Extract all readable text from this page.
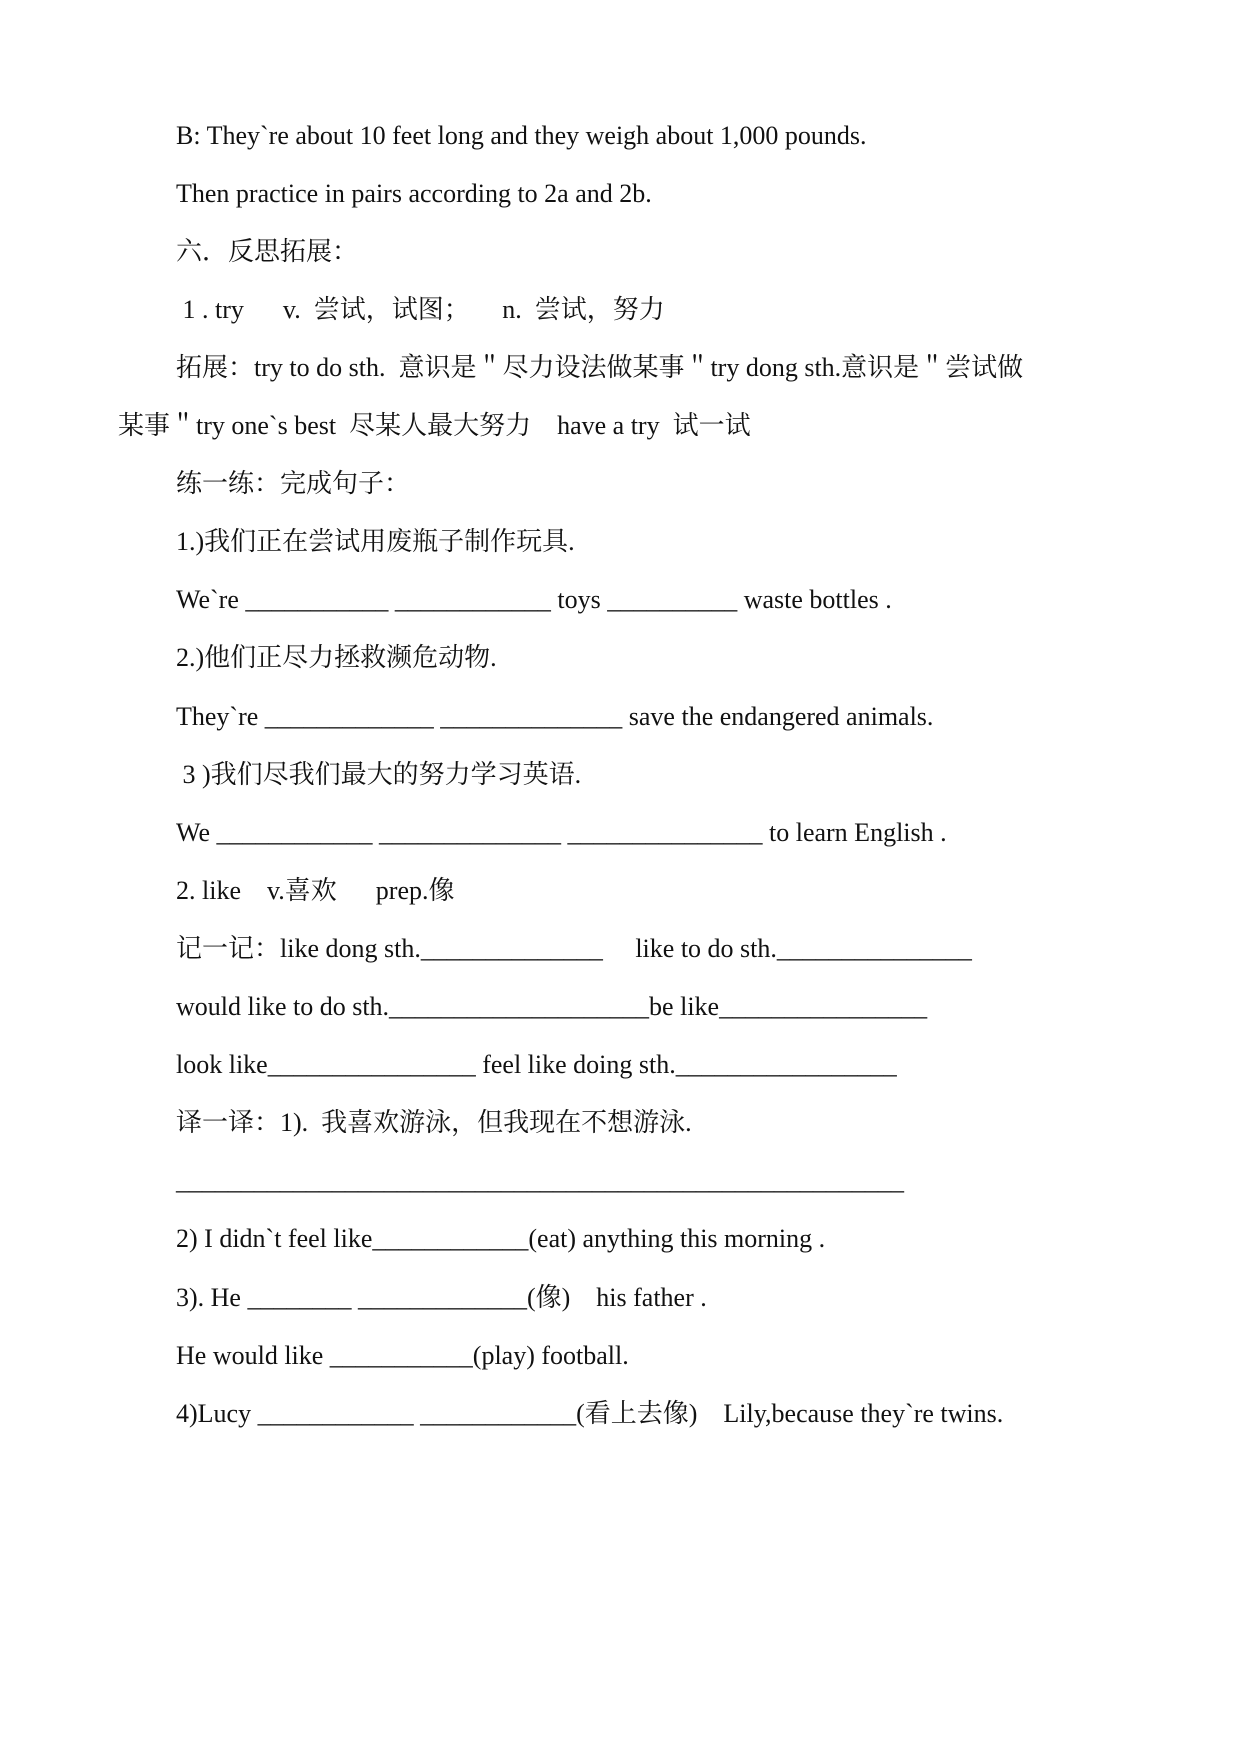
B: They`re about 10 feet long and they weigh about 1,000 pounds.
Then practice in pairs according to 2a and 2b.
六．反思拓展：
1 . try      v.  尝试，试图；     n.  尝试，努力
拓展：try to do sth.  意识是＂尽力设法做某事＂try dong sth.意识是＂尝试做
某事＂try one`s best  尽某人最大努力    have a try  试一试
练一练：完成句子：
1.)我们正在尝试用废瓶子制作玩具.
We`re ___________ ____________ toys __________ waste bottles .
2.)他们正尽力拯救濒危动物.
They`re _____________ ______________ save the endangered animals.
3 )我们尽我们最大的努力学习英语.
We ____________ ______________ _______________ to learn English .
2. like    v.喜欢      prep.像
记一记：like dong sth.______________     like to do sth._______________
would like to do sth.____________________be like________________
look like________________ feel like doing sth._________________
译一译：1).  我喜欢游泳，但我现在不想游泳.
________________________________________________________
2) I didn`t feel like____________(eat) anything this morning .
3). He ________ _____________(像)    his father .
He would like ___________(play) football.
4)Lucy ____________ ____________(看上去像)    Lily,because they`re twins.
